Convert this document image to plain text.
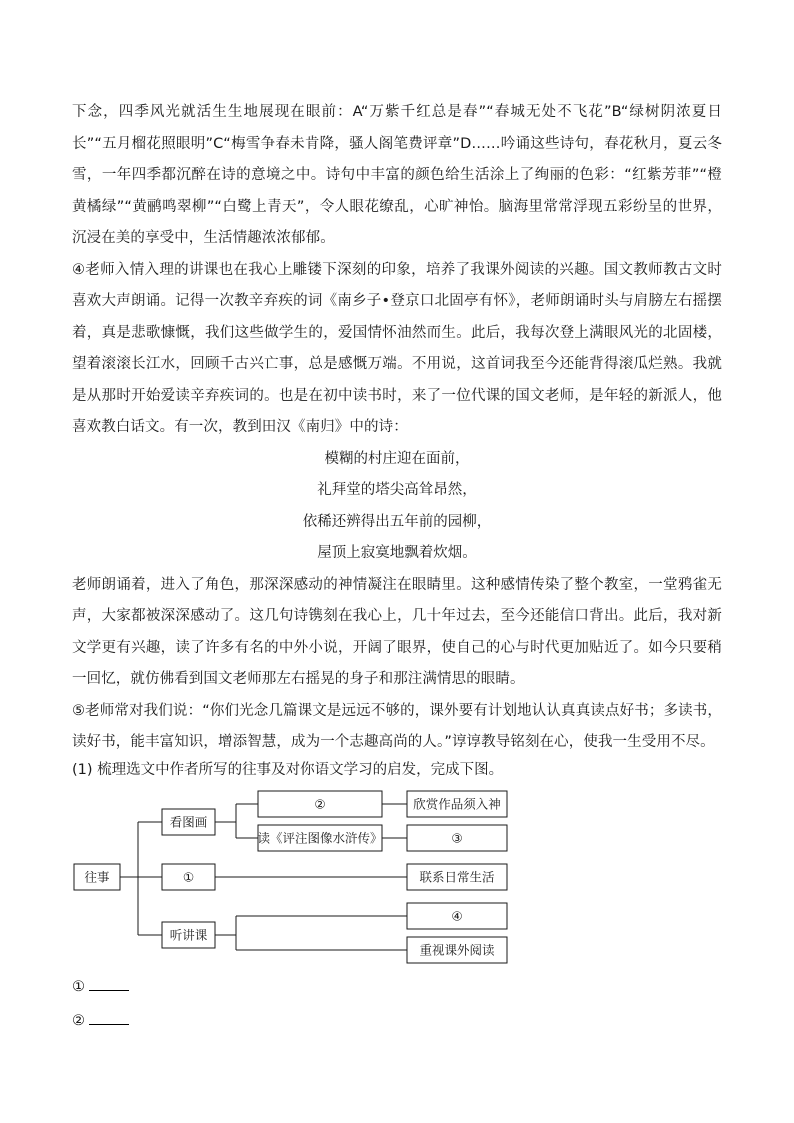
下念，四季风光就活生生地展现在眼前：A“万紫千红总是春”“春城无处不飞花”B“绿树阴浓夏日长”“五月榴花照眼明”C“梅雪争春未肯降，骚人阁笔费评章”D……吟诵这些诗句，春花秋月，夏云冬雪，一年四季都沉醉在诗的意境之中。诗句中丰富的颜色给生活涂上了绚丽的色彩：“红紫芳菲”“橙黄橘绿”“黄鹂鸣翠柳”“白鹭上青天”，令人眼花缭乱，心旷神怡。脑海里常常浮现五彩纷呈的世界，沉浸在美的享受中，生活情趣浓浓郁郁。

④老师入情入理的讲课也在我心上雕镂下深刻的印象，培养了我课外阅读的兴趣。国文教师教古文时喜欢大声朗诵。记得一次教辛弃疾的词《南乡子•登京口北固亭有怀》，老师朗诵时头与肩膀左右摇摆着，真是悲歌慷慨，我们这些做学生的，爱国情怀油然而生。此后，我每次登上满眼风光的北固楼，望着滚滚长江水，回顾千古兴亡事，总是感慨万端。不用说，这首词我至今还能背得滚瓜烂熟。我就是从那时开始爱读辛弃疾词的。也是在初中读书时，来了一位代课的国文老师，是年轻的新派人，他喜欢教白话文。有一次，教到田汉《南归》中的诗：

模糊的村庄迎在面前，
礼拜堂的塔尖高耸昂然，
依稀还辨得出五年前的园柳，
屋顶上寂寞地飘着炊烟。

老师朗诵着，进入了角色，那深深感动的神情凝注在眼睛里。这种感情传染了整个教室，一堂鸦雀无声，大家都被深深感动了。这几句诗镌刻在我心上，几十年过去，至今还能信口背出。此后，我对新文学更有兴趣，读了许多有名的中外小说，开阔了眼界，使自己的心与时代更加贴近了。如今只要稍一回忆，就仿佛看到国文老师那左右摇晃的身子和那注满情思的眼睛。

⑤老师常对我们说：“你们光念几篇课文是远远不够的，课外要有计划地认认真真读点好书；多读书，读好书，能丰富知识，增添智慧，成为一个志趣高尚的人。”谆谆教导铭刻在心，使我一生受用不尽。

(1) 梳理选文中作者所写的往事及对你语文学习的启发，完成下图。

往事
看图画
②	欣赏作品须入神
读《评注图像水浒传》	③
①	联系日常生活
听讲课
④
重视课外阅读

①

②
